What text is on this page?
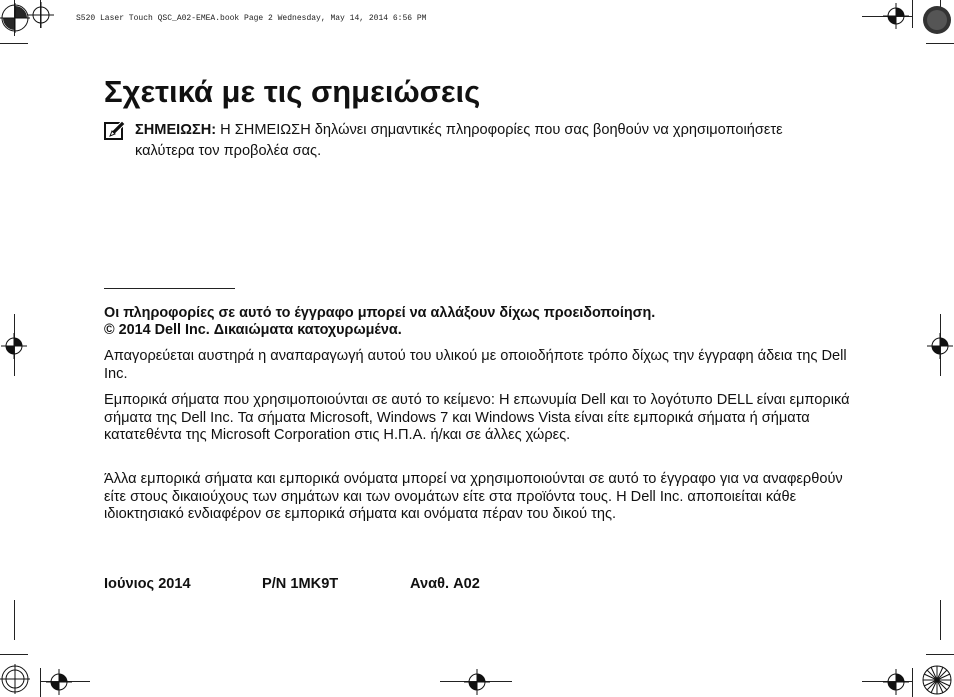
S520 Laser Touch QSC_A02-EMEA.book Page 2 Wednesday, May 14, 2014 6:56 PM
Σχετικά με τις σημειώσεις
ΣΗΜΕΙΩΣΗ: Η ΣΗΜΕΙΩΣΗ δηλώνει σημαντικές πληροφορίες που σας βοηθούν να χρησιμοποιήσετε καλύτερα τον προβολέα σας.
Οι πληροφορίες σε αυτό το έγγραφο μπορεί να αλλάξουν δίχως προειδοποίηση.
© 2014 Dell Inc. Δικαιώματα κατοχυρωμένα.

Απαγορεύεται αυστηρά η αναπαραγωγή αυτού του υλικού με οποιοδήποτε τρόπο δίχως την έγγραφη άδεια της Dell Inc.

Εμπορικά σήματα που χρησιμοποιούνται σε αυτό το κείμενο: Η επωνυμία Dell και το λογότυπο DELL είναι εμπορικά σήματα της Dell Inc. Τα σήματα Microsoft, Windows 7 και Windows Vista είναι είτε εμπορικά σήματα ή σήματα κατατεθέντα της Microsoft Corporation στις Η.Π.Α. ή/και σε άλλες χώρες.

Άλλα εμπορικά σήματα και εμπορικά ονόματα μπορεί να χρησιμοποιούνται σε αυτό το έγγραφο για να αναφερθούν είτε στους δικαιούχους των σημάτων και των ονομάτων είτε στα προϊόντα τους. Η Dell Inc. αποποιείται κάθε ιδιοκτησιακό ενδιαφέρον σε εμπορικά σήματα και ονόματα πέραν του δικού της.

Ιούνιος 2014	P/N 1MK9T	Αναθ. A02
